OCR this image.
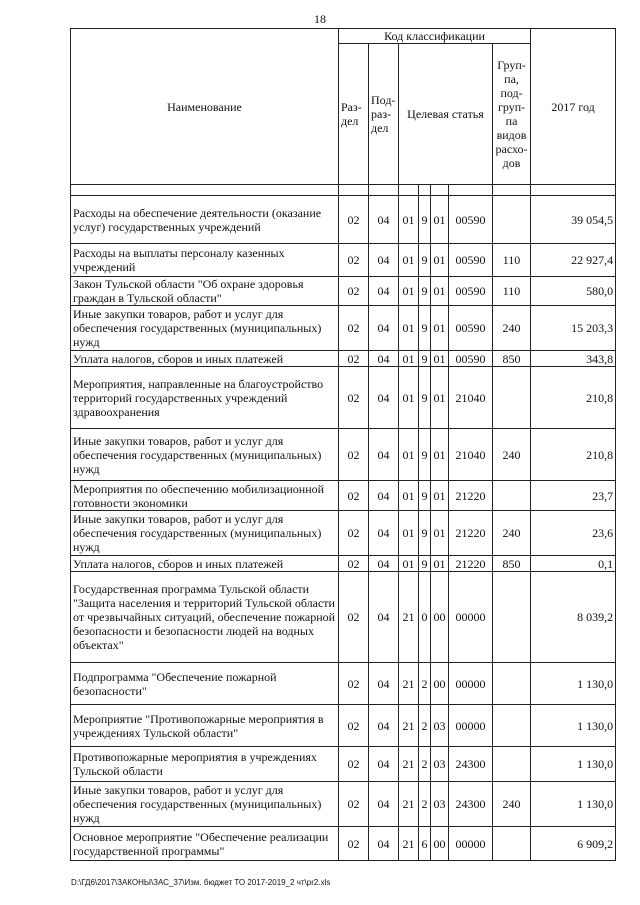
18
Наименование	Код классификации							2017 год
	Раз-дел	Под-раз-дел	Целевая статья				Груп-па, под-груп-па видов расхо-дов	

Расходы на обеспечение деятельности (оказание услуг) государственных учреждений	02	04	01	9	01	00590		39 054,5
Расходы на выплаты персоналу казенных учреждений	02	04	01	9	01	00590	110	22 927,4
Закон Тульской области "Об охране здоровья граждан в Тульской области"	02	04	01	9	01	00590	110	580,0
Иные закупки товаров, работ и услуг для обеспечения государственных (муниципальных) нужд	02	04	01	9	01	00590	240	15 203,3
Уплата налогов, сборов и иных платежей	02	04	01	9	01	00590	850	343,8
Мероприятия, направленные на благоустройство территорий государственных учреждений здравоохранения	02	04	01	9	01	21040		210,8
Иные закупки товаров, работ и услуг для обеспечения государственных (муниципальных) нужд	02	04	01	9	01	21040	240	210,8
Мероприятия по обеспечению мобилизационной готовности экономики	02	04	01	9	01	21220		23,7
Иные закупки товаров, работ и услуг для обеспечения государственных (муниципальных) нужд	02	04	01	9	01	21220	240	23,6
Уплата налогов, сборов и иных платежей	02	04	01	9	01	21220	850	0,1
Государственная программа Тульской области "Защита населения и территорий Тульской области от чрезвычайных ситуаций, обеспечение пожарной безопасности и безопасности людей на водных объектах"	02	04	21	0	00	00000		8 039,2
Подпрограмма "Обеспечение пожарной безопасности"	02	04	21	2	00	00000		1 130,0
Мероприятие "Противопожарные мероприятия в учреждениях Тульской области"	02	04	21	2	03	00000		1 130,0
Противопожарные мероприятия в учреждениях Тульской области	02	04	21	2	03	24300		1 130,0
Иные закупки товаров, работ и услуг для обеспечения государственных (муниципальных) нужд	02	04	21	2	03	24300	240	1 130,0
Основное мероприятие "Обеспечение реализации государственной программы"	02	04	21	6	00	00000		6 909,2
D:\ГД6\2017\ЗАКОНЫ\ЗАС_37\Изм. бюджет ТО 2017-2019_2 чт\pr2.xls
